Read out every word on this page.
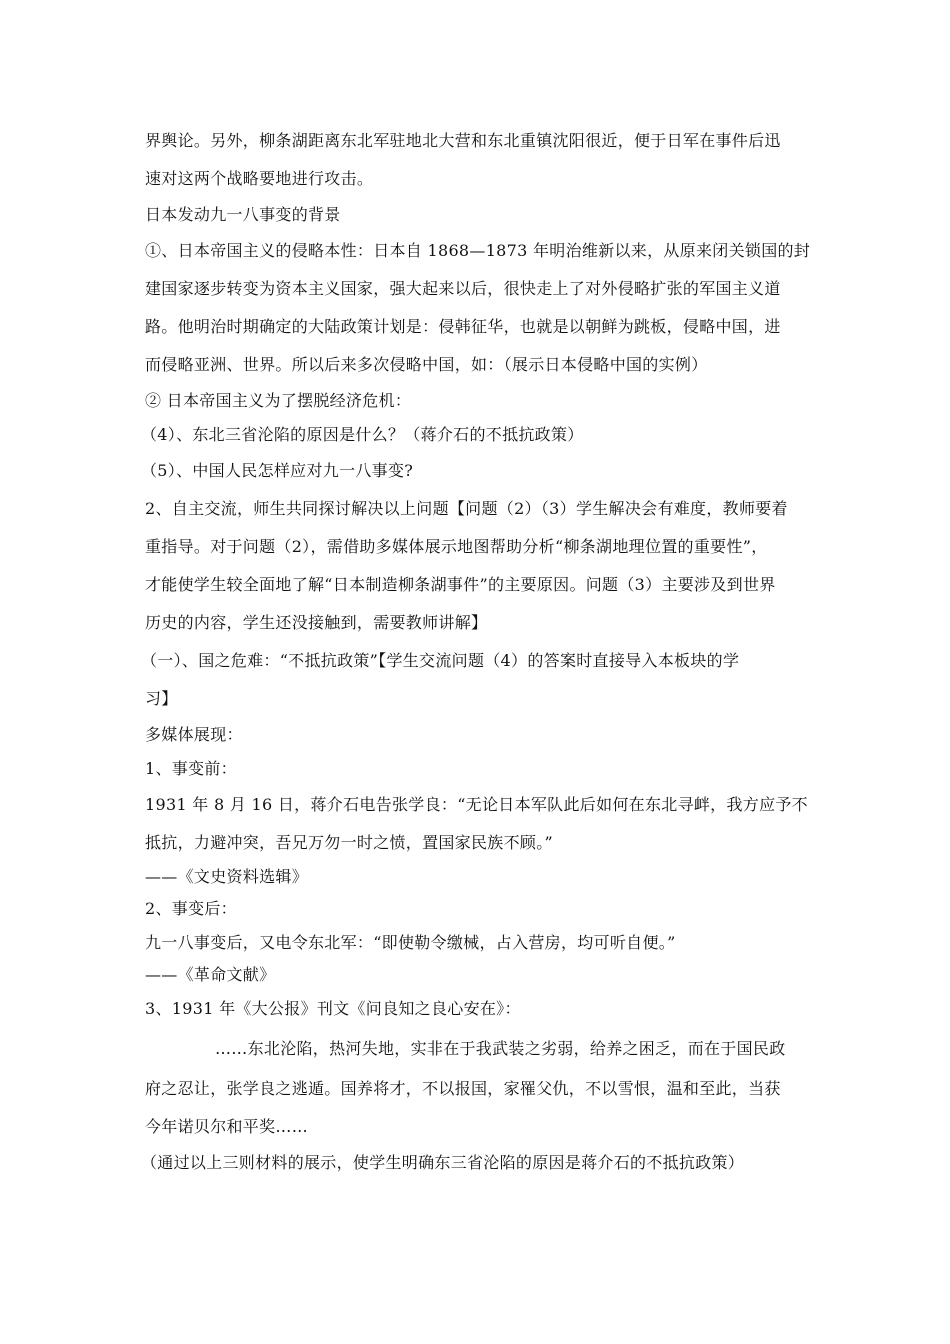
界舆论。另外，柳条湖距离东北军驻地北大营和东北重镇沈阳很近，便于日军在事件后迅
速对这两个战略要地进行攻击。
日本发动九一八事变的背景
①、日本帝国主义的侵略本性：日本自 1868—1873 年明治维新以来，从原来闭关锁国的封
建国家逐步转变为资本主义国家，强大起来以后，很快走上了对外侵略扩张的军国主义道
路。他明治时期确定的大陆政策计划是：侵韩征华，也就是以朝鲜为跳板，侵略中国，进
而侵略亚洲、世界。所以后来多次侵略中国，如：（展示日本侵略中国的实例）
② 日本帝国主义为了摆脱经济危机：
（4）、东北三省沦陷的原因是什么？（蒋介石的不抵抗政策）
（5）、中国人民怎样应对九一八事变?
2、自主交流，师生共同探讨解决以上问题【问题（2）（3）学生解决会有难度，教师要着
重指导。对于问题（2），需借助多媒体展示地图帮助分析“柳条湖地理位置的重要性”，
才能使学生较全面地了解“日本制造柳条湖事件”的主要原因。问题（3）主要涉及到世界
历史的内容，学生还没接触到，需要教师讲解】
（一）、国之危难：“不抵抗政策”【学生交流问题（4）的答案时直接导入本板块的学
习】
多媒体展现：
1、事变前：
1931 年 8 月 16 日，蒋介石电告张学良：“无论日本军队此后如何在东北寻衅，我方应予不
抵抗，力避冲突，吾兄万勿一时之愤，置国家民族不顾。”
——《文史资料选辑》
2、事变后：
九一八事变后，又电令东北军：“即使勒令缴械，占入营房，均可听自便。”
——《革命文献》
3、1931 年《大公报》刊文《问良知之良心安在》：
……东北沦陷，热河失地，实非在于我武装之劣弱，给养之困乏，而在于国民政
府之忍让，张学良之逃遁。国养将才，不以报国，家罹父仇，不以雪恨，温和至此，当获
今年诺贝尔和平奖……
（通过以上三则材料的展示，使学生明确东三省沦陷的原因是蒋介石的不抵抗政策）
